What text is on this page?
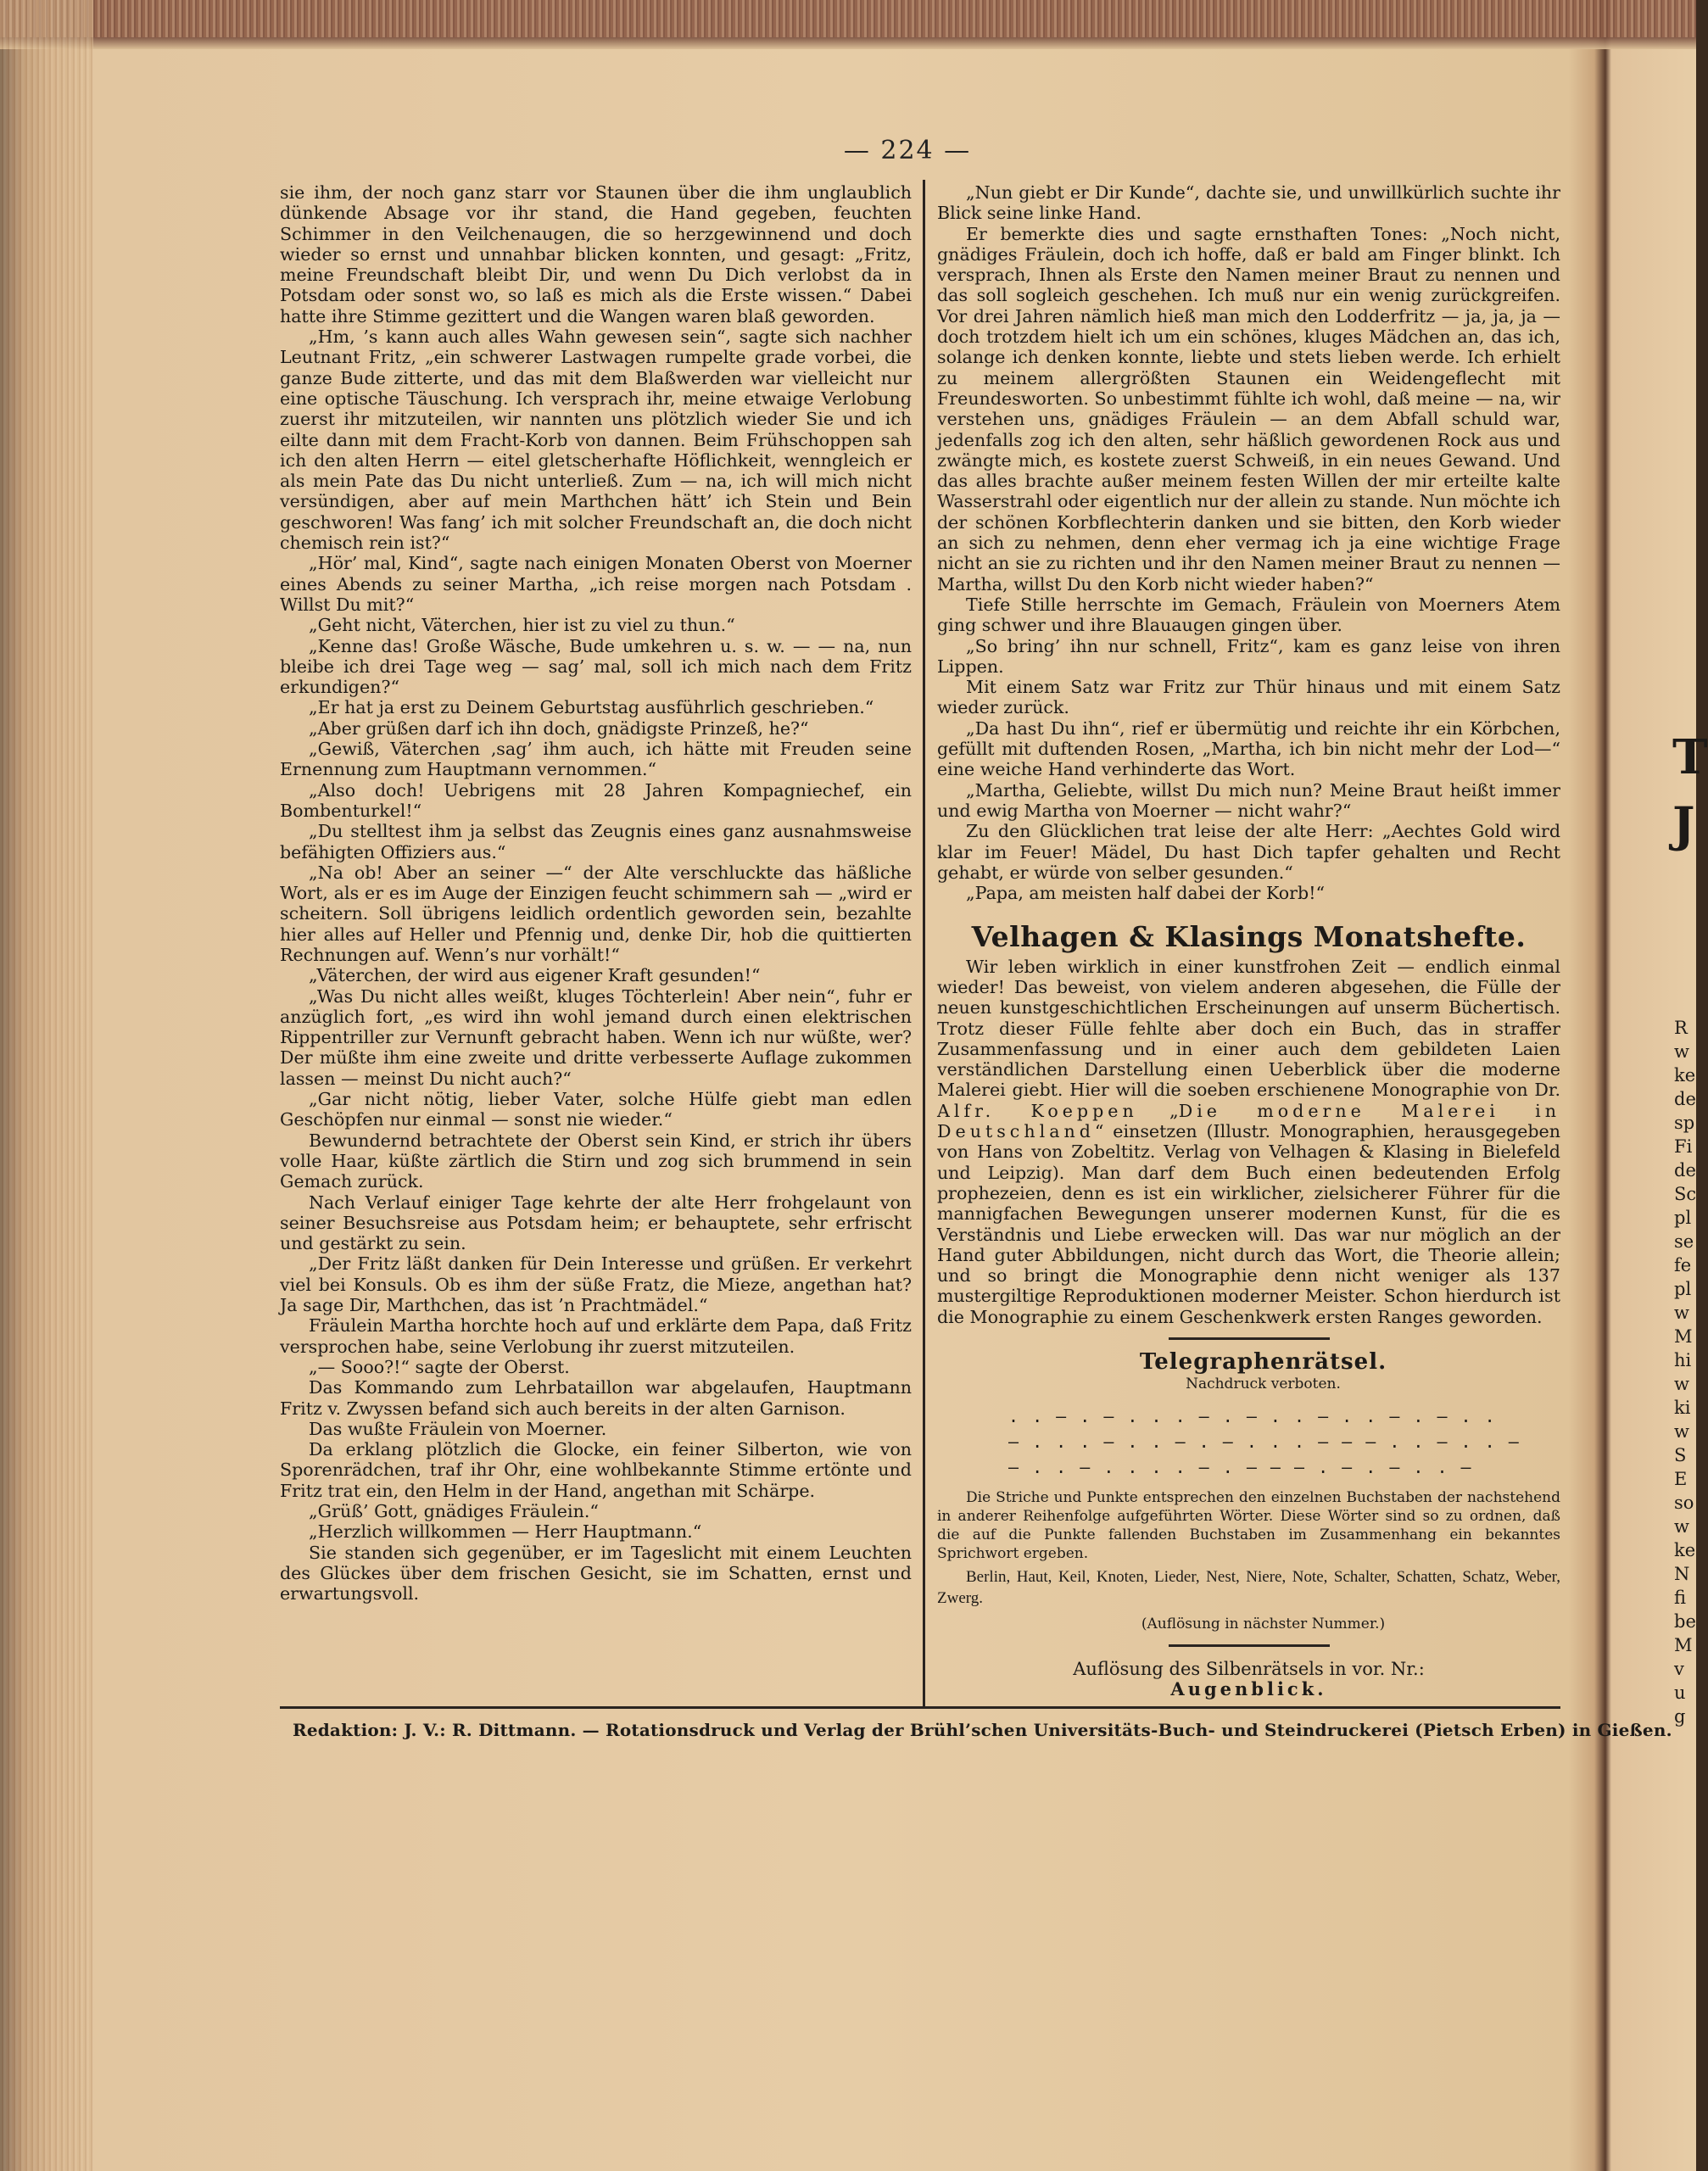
— 224 —

sie ihm, der noch ganz starr vor Staunen über die ihm unglaublich dünkende Absage vor ihr stand, die Hand gegeben, feuchten Schimmer in den Veilchenaugen, die so herzgewinnend und doch wieder so ernst und unnahbar blicken konnten, und gesagt: „Fritz, meine Freundschaft bleibt Dir, und wenn Du Dich verlobst da in Potsdam oder sonst wo, so laß es mich als die Erste wissen.“ Dabei hatte ihre Stimme gezittert und die Wangen waren blaß geworden.

„Hm, ’s kann auch alles Wahn gewesen sein“, sagte sich nachher Leutnant Fritz, „ein schwerer Lastwagen rumpelte grade vorbei, die ganze Bude zitterte, und das mit dem Blaßwerden war vielleicht nur eine optische Täuschung. Ich versprach ihr, meine etwaige Verlobung zuerst ihr mitzuteilen, wir nannten uns plötzlich wieder Sie und ich eilte dann mit dem Fracht-Korb von dannen. Beim Frühschoppen sah ich den alten Herrn — eitel gletscherhafte Höflichkeit, wenngleich er als mein Pate das Du nicht unterließ. Zum — na, ich will mich nicht versündigen, aber auf mein Marthchen hätt’ ich Stein und Bein geschworen! Was fang’ ich mit solcher Freundschaft an, die doch nicht chemisch rein ist?“

„Hör’ mal, Kind“, sagte nach einigen Monaten Oberst von Moerner eines Abends zu seiner Martha, „ich reise morgen nach Potsdam . Willst Du mit?“

„Geht nicht, Väterchen, hier ist zu viel zu thun.“

„Kenne das! Große Wäsche, Bude umkehren u. s. w. — — na, nun bleibe ich drei Tage weg — sag’ mal, soll ich mich nach dem Fritz erkundigen?“

„Er hat ja erst zu Deinem Geburtstag ausführlich geschrieben.“

„Aber grüßen darf ich ihn doch, gnädigste Prinzeß, he?“

„Gewiß, Väterchen ‚sag’ ihm auch, ich hätte mit Freuden seine Ernennung zum Hauptmann vernommen.“

„Also doch! Uebrigens mit 28 Jahren Kompagniechef, ein Bombenturkel!“

„Du stelltest ihm ja selbst das Zeugnis eines ganz ausnahmsweise befähigten Offiziers aus.“

„Na ob! Aber an seiner —“ der Alte verschluckte das häßliche Wort, als er es im Auge der Einzigen feucht schimmern sah — „wird er scheitern. Soll übrigens leidlich ordentlich geworden sein, bezahlte hier alles auf Heller und Pfennig und, denke Dir, hob die quittierten Rechnungen auf. Wenn’s nur vorhält!“

„Väterchen, der wird aus eigener Kraft gesunden!“

„Was Du nicht alles weißt, kluges Töchterlein! Aber nein“, fuhr er anzüglich fort, „es wird ihn wohl jemand durch einen elektrischen Rippentriller zur Vernunft gebracht haben. Wenn ich nur wüßte, wer? Der müßte ihm eine zweite und dritte verbesserte Auflage zukommen lassen — meinst Du nicht auch?“

„Gar nicht nötig, lieber Vater, solche Hülfe giebt man edlen Geschöpfen nur einmal — sonst nie wieder.“

Bewundernd betrachtete der Oberst sein Kind, er strich ihr übers volle Haar, küßte zärtlich die Stirn und zog sich brummend in sein Gemach zurück.

Nach Verlauf einiger Tage kehrte der alte Herr frohgelaunt von seiner Besuchsreise aus Potsdam heim; er behauptete, sehr erfrischt und gestärkt zu sein.

„Der Fritz läßt danken für Dein Interesse und grüßen. Er verkehrt viel bei Konsuls. Ob es ihm der süße Fratz, die Mieze, angethan hat? Ja sage Dir, Marthchen, das ist ’n Prachtmädel.“

Fräulein Martha horchte hoch auf und erklärte dem Papa, daß Fritz versprochen habe, seine Verlobung ihr zuerst mitzuteilen.

„— Sooo?!“ sagte der Oberst.

Das Kommando zum Lehrbataillon war abgelaufen, Hauptmann Fritz v. Zwyssen befand sich auch bereits in der alten Garnison.

Das wußte Fräulein von Moerner.

Da erklang plötzlich die Glocke, ein feiner Silberton, wie von Sporenrädchen, traf ihr Ohr, eine wohlbekannte Stimme ertönte und Fritz trat ein, den Helm in der Hand, angethan mit Schärpe.

„Grüß’ Gott, gnädiges Fräulein.“

„Herzlich willkommen — Herr Hauptmann.“

Sie standen sich gegenüber, er im Tageslicht mit einem Leuchten des Glückes über dem frischen Gesicht, sie im Schatten, ernst und erwartungsvoll.

„Nun giebt er Dir Kunde“, dachte sie, und unwillkürlich suchte ihr Blick seine linke Hand.

Er bemerkte dies und sagte ernsthaften Tones: „Noch nicht, gnädiges Fräulein, doch ich hoffe, daß er bald am Finger blinkt. Ich versprach, Ihnen als Erste den Namen meiner Braut zu nennen und das soll sogleich geschehen. Ich muß nur ein wenig zurückgreifen. Vor drei Jahren nämlich hieß man mich den Lodderfritz — ja, ja, ja — doch trotzdem hielt ich um ein schönes, kluges Mädchen an, das ich, solange ich denken konnte, liebte und stets lieben werde. Ich erhielt zu meinem allergrößten Staunen ein Weidengeflecht mit Freundesworten. So unbestimmt fühlte ich wohl, daß meine — na, wir verstehen uns, gnädiges Fräulein — an dem Abfall schuld war, jedenfalls zog ich den alten, sehr häßlich gewordenen Rock aus und zwängte mich, es kostete zuerst Schweiß, in ein neues Gewand. Und das alles brachte außer meinem festen Willen der mir erteilte kalte Wasserstrahl oder eigentlich nur der allein zu stande. Nun möchte ich der schönen Korbflechterin danken und sie bitten, den Korb wieder an sich zu nehmen, denn eher vermag ich ja eine wichtige Frage nicht an sie zu richten und ihr den Namen meiner Braut zu nennen — Martha, willst Du den Korb nicht wieder haben?“

Tiefe Stille herrschte im Gemach, Fräulein von Moerners Atem ging schwer und ihre Blauaugen gingen über.

„So bring’ ihn nur schnell, Fritz“, kam es ganz leise von ihren Lippen.

Mit einem Satz war Fritz zur Thür hinaus und mit einem Satz wieder zurück.

„Da hast Du ihn“, rief er übermütig und reichte ihr ein Körbchen, gefüllt mit duftenden Rosen, „Martha, ich bin nicht mehr der Lod—“ eine weiche Hand verhinderte das Wort.

„Martha, Geliebte, willst Du mich nun? Meine Braut heißt immer und ewig Martha von Moerner — nicht wahr?“

Zu den Glücklichen trat leise der alte Herr: „Aechtes Gold wird klar im Feuer! Mädel, Du hast Dich tapfer gehalten und Recht gehabt, er würde von selber gesunden.“

„Papa, am meisten half dabei der Korb!“

Velhagen & Klasings Monatshefte.

Wir leben wirklich in einer kunstfrohen Zeit — endlich einmal wieder! Das beweist, von vielem anderen abgesehen, die Fülle der neuen kunstgeschichtlichen Erscheinungen auf unserm Büchertisch. Trotz dieser Fülle fehlte aber doch ein Buch, das in straffer Zusammenfassung und in einer auch dem gebildeten Laien verständlichen Darstellung einen Ueberblick über die moderne Malerei giebt. Hier will die soeben erschienene Monographie von Dr. Alfr. Koeppen „Die moderne Malerei in Deutschland“ einsetzen (Illustr. Monographien, herausgegeben von Hans von Zobeltitz. Verlag von Velhagen & Klasing in Bielefeld und Leipzig). Man darf dem Buch einen bedeutenden Erfolg prophezeien, denn es ist ein wirklicher, zielsicherer Führer für die mannigfachen Bewegungen unserer modernen Kunst, für die es Verständnis und Liebe erwecken will. Das war nur möglich an der Hand guter Abbildungen, nicht durch das Wort, die Theorie allein; und so bringt die Monographie denn nicht weniger als 137 mustergiltige Reproduktionen moderner Meister. Schon hierdurch ist die Monographie zu einem Geschenkwerk ersten Ranges geworden.

Telegraphenrätsel.

Nachdruck verboten.

. . — . — . . . — . — . . — . . — . — . .

— . . . — . . — . — . . . — — — . . — . . —

— . . — . . . . — . — — — . — . — . . —

Die Striche und Punkte entsprechen den einzelnen Buchstaben der nachstehend in anderer Reihenfolge aufgeführten Wörter. Diese Wörter sind so zu ordnen, daß die auf die Punkte fallenden Buchstaben im Zusammenhang ein bekanntes Sprichwort ergeben.

Berlin, Haut, Keil, Knoten, Lieder, Nest, Niere, Note, Schalter, Schatten, Schatz, Weber, Zwerg.

(Auflösung in nächster Nummer.)

Auflösung des Silbenrätsels in vor. Nr.:

Augenblick.

Redaktion: J. V.: R. Dittmann. — Rotationsdruck und Verlag der Brühl’schen Universitäts-Buch- und Steindruckerei (Pietsch Erben) in Gießen.
T
J
R
w
ke
de
sp
Fi
de
Sc
pl
se
fe
pl
w
M
hi
w
ki
w
S
E
so
w
ke
N
fi
be
M
v
u
g
